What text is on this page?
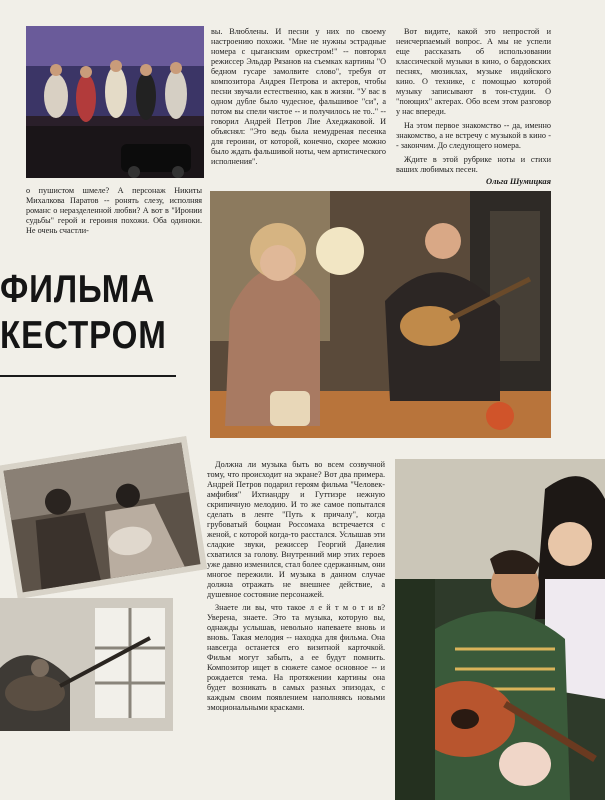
вы. Влюблены. И песни у них по своему настроению похожи. "Мне не нужны эстрадные номера с цыганским оркестром!" -- повторял режиссер Эльдар Рязанов на съемках картины "О бедном гусаре замолвите слово", требуя от композитора Андрея Петрова и актеров, чтобы песни звучали естественно, как в жизни. "У вас в одном дубле было чудесное, фальшивое "си", а потом вы спели чистое -- и получилось не то.." -- говорил Андрей Петров Лие Ахеджаковой. И объяснял: "Это ведь была немудреная песенка для героини, от которой, конечно, скорее можно было ждать фальшивой ноты, чем артистического исполнения".

Вот видите, какой это непростой и неисчерпаемый вопрос. А мы не успели еще рассказать об использовании классической музыки в кино, о бардовских песнях, мюзиклах, музыке индийского кино. О технике, с помощью которой музыку записывают в тон-студии. О "поющих" актерах. Обо всем этом разговор у нас впереди.

На этом первое знакомство -- да, именно знакомство, а не встречу с музыкой в кино -- закончим. До следующего номера.

Ждите в этой рубрике ноты и стихи ваших любимых песен.

Ольга Шумицкая

о пушистом шмеле? А персонаж Никиты Михалкова Паратов -- ронять слезу, исполняя романс о неразделенной любви? А вот в "Иронии судьбы" герой и героиня похожи. Оба одиноки. Не очень счастли-

ФИЛЬМА
КЕСТРОМ

Должна ли музыка быть во всем созвучной тому, что происходит на экране? Вот два примера. Андрей Петров подарил героям фильма "Человек-амфибия" Ихтиандру и Гуттиэре нежную скрипичную мелодию. И то же самое попытался сделать в ленте "Путь к причалу", когда грубоватый боцман Россомаха встречается с женой, с которой когда-то расстался. Услышав эти сладкие звуки, режиссер Георгий Данелия схватился за голову. Внутренний мир этих героев уже давно изменился, стал более сдержанным, они многое пережили. И музыка в данном случае должна отражать не внешнее действие, а душевное состояние персонажей.

Знаете ли вы, что такое л е й т м о т и в? Уверена, знаете. Это та музыка, которую вы, однажды услышав, невольно напеваете вновь и вновь. Такая мелодия -- находка для фильма. Она навсегда останется его визитной карточкой. Фильм могут забыть, а ее будут помнить. Композитор ищет в сюжете самое основное -- и рождается тема. На протяжении картины она будет возникать в самых разных эпизодах, с каждым своим появлением наполняясь новыми эмоциональными красками.
